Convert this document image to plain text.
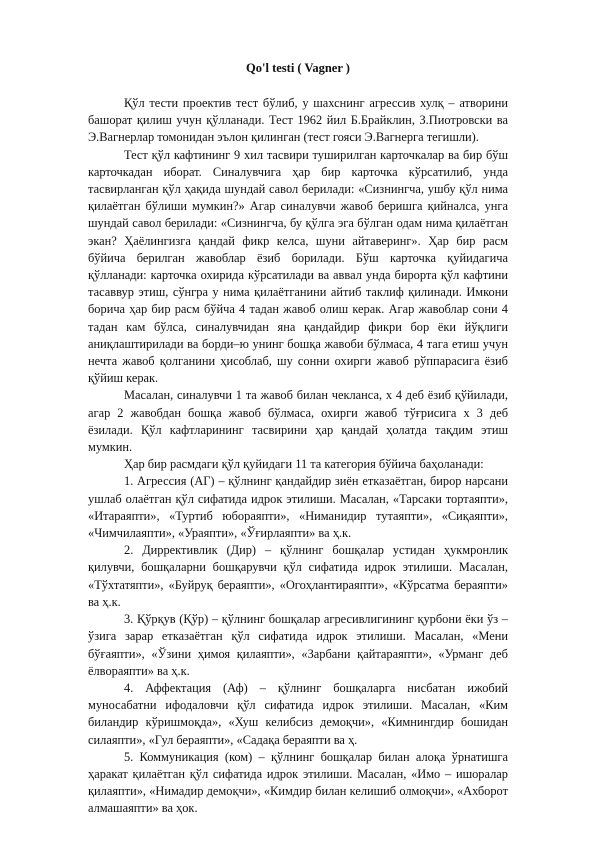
Qo'l testi ( Vagner )

Қўл тести проектив тест бўлиб, у шахснинг агрессив хулқ – атворини башорат қилиш учун қўлланади. Тест 1962 йил Б.Брайклин, З.Пиотровски ва Э.Вагнерлар томонидан эълон қилинган (тест гояси Э.Вагнерга тегишли).

Тест қўл кафтининг 9 хил тасвири туширилган карточкалар ва бир бўш карточкадан иборат. Синалувчига ҳар бир карточка кўрсатилиб, унда тасвирланган қўл ҳақида шундай савол берилади: «Сизнингча, ушбу қўл нима қилаётган бўлиши мумкин?» Агар синалувчи жавоб беришга қийналса, унга шундай савол берилади: «Сизнингча, бу қўлга эга бўлган одам нима қилаётган экан? Ҳаёлингизга қандай фикр келса, шуни айтаверинг». Ҳар бир расм бўйича берилган жавоблар ёзиб борилади. Бўш карточка қуйидагича қўлланади: карточка охирида кўрсатилади ва аввал унда бирорта қўл кафтини тасаввур этиш, сўнгра у нима қилаётганини айтиб таклиф қилинади. Имкони борича ҳар бир расм бўйча 4 тадан жавоб олиш керак. Агар жавоблар сони 4 тадан кам бўлса, синалувчидан яна қандайдир фикри бор ёки йўқлиги аниқлаштирилади ва борди–ю унинг бошқа жавоби бўлмаса, 4 тага етиш учун нечта жавоб қолганини ҳисоблаб, шу сонни охирги жавоб рўппарасига ёзиб қўйиш керак.

Масалан, синалувчи 1 та жавоб билан чекланса, х 4 деб ёзиб қўйилади, агар 2 жавобдан бошқа жавоб бўлмаса, охирги жавоб тўғрисига х 3 деб ёзилади. Қўл кафтларининг тасвирини ҳар қандай ҳолатда тақдим этиш мумкин.

Ҳар бир расмдаги қўл қуйидаги 11 та категория бўйича баҳоланади:

1. Агрессия (АГ) – қўлнинг қандайдир зиён етказаётган, бирор нарсани ушлаб олаётган қўл сифатида идрок этилиши. Масалан, «Тарсаки тортаяпти», «Итараяпти», «Туртиб юбораяпти», «Ниманидир тутаяпти», «Сиқаяпти», «Чимчилаяпти», «Ураяпти», «Ўғирлаяпти» ва ҳ.к.

2. Диррективлик (Дир) – қўлнинг бошқалар устидан ҳукмронлик қилувчи, бошқаларни бошқарувчи қўл сифатида идрок этилиши. Масалан, «Тўхтатяпти», «Буйруқ бераяпти», «Огоҳлантираяпти», «Кўрсатма бераяпти» ва ҳ.к.

3. Қўрқув (Қўр) – қўлнинг бошқалар агресивлигининг қурбони ёки ўз – ўзига зарар етказаётган қўл сифатида идрок этилиши. Масалан, «Мени бўғаяпти», «Ўзини ҳимоя қилаяпти», «Зарбани қайтараяпти», «Урманг деб ёлвораяпти» ва ҳ.к.

4. Аффектация (Аф) – қўлнинг бошқаларга нисбатан ижобий муносабатни ифодаловчи қўл сифатида идрок этилиши. Масалан, «Ким биландир кўришмоқда», «Хуш келибсиз демоқчи», «Кимнингдир бошидан силаяпти», «Гул бераяпти», «Садақа бераяпти ва ҳ.

5. Коммуникация (ком) – қўлнинг бошқалар билан алоқа ўрнатишга ҳаракат қилаётган қўл сифатида идрок этилиши. Масалан, «Имо – ишоралар қилаяпти», «Нимадир демоқчи», «Кимдир билан келишиб олмоқчи», «Ахборот алмашаяпти» ва ҳок.
